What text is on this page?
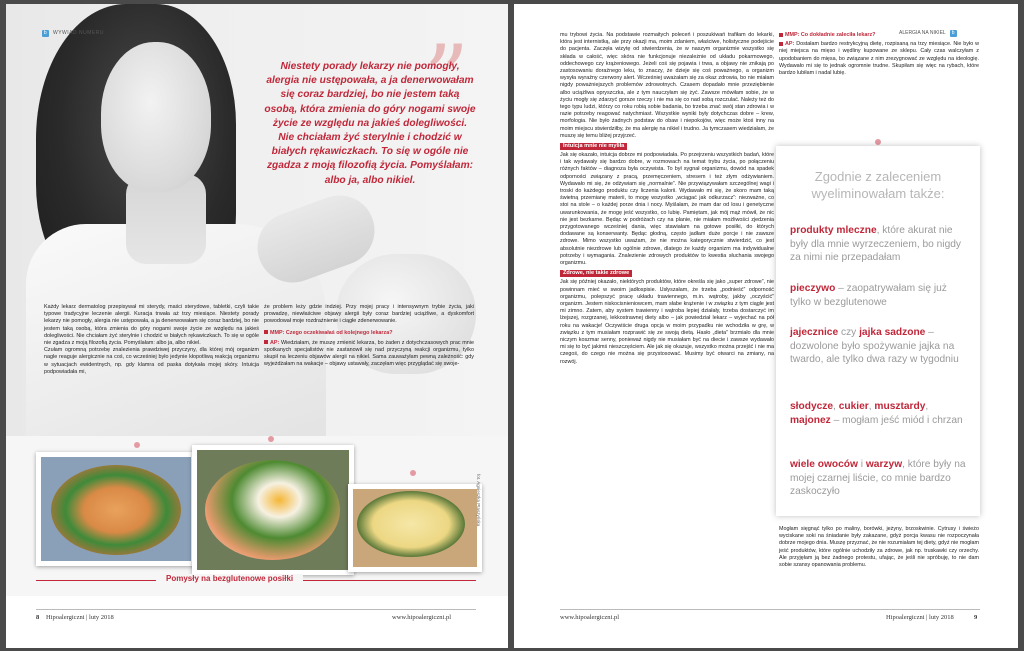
b WYWIAD NUMERU	”
Niestety porady lekarzy nie pomogły, alergia nie ustępowała, a ja denerwowałam się coraz bardziej, bo nie jestem taką osobą, która zmienia do góry nogami swoje życie ze względu na jakieś dolegliwości. Nie chciałam żyć sterylnie i chodzić w białych rękawiczkach. To się w ogóle nie zgadza z moją filozofią życia. Pomyślałam: albo ja, albo nikiel.

Każdy lekarz dermatolog przepisywał mi sterydy, maści sterydowe, tabletki, czyli takie typowe tradycyjne leczenie alergii. Kuracja trwała aż trzy miesiące. Niestety porady lekarzy nie pomogły, alergia nie ustępowała, a ja denerwowałam się coraz bardziej, bo nie jestem taką osobą, która zmienia do góry nogami swoje życie ze względu na jakieś dolegliwości. Nie chciałam żyć sterylnie i chodzić w białych rękawiczkach. To się w ogóle nie zgadza z moją filozofią życia. Pomyślałam: albo ja, albo nikiel.

Czułam ogromną potrzebę znalezienia prawdziwej przyczyny, dla której mój organizm nagle reaguje alergicznie na coś, co wcześniej było jedynie kłopotliwą reakcją organizmu w sytuacjach ewidentnych, np. gdy klamra od paska dotykała mojej skóry. Intuicja podpowiadała mi,

że problem leży gdzie indziej. Przy mojej pracy i intensywnym trybie życia, jaki prowadzę, niewłaściwe objawy alergii były coraz bardziej uciążliwe, a dyskomfort powodował moje rozdrażnienie i ciągłe zdenerwowanie.

MMP: Czego oczekiwałaś od kolejnego lekarza?

AP: Wiedziałam, że muszę zmienić lekarza, bo żaden z dotychczasowych prac mnie spotkanych specjalistów nie zastanowił się nad przyczyną reakcji organizmu, tylko skupił na leczeniu objawów alergii na nikiel. Sama zauważyłam pewną zależność: gdy wyjeżdżałam na wakacje – objawy ustawały, zaczęłam więc przyglądać się swoje-

fot. Agnieszka Ptaszyńska
Pomysły na bezglutenowe posiłki
8 Hipoalergiczni | luty 2018	www.hipoalergiczni.pl
ALERGIA NA NIKIEL b

mu trybowi życia. Na podstawie rozmaitych poleceń i poszukiwań trafiłam do lekarki, która jest internistką, ale przy okazji ma, moim zdaniem, właściwe, holistyczne podejście do pacjenta. Zaczęła wizytę od stwierdzenia, że w naszym organizmie wszystko się składa w całość, więc skóra nie funkcjonuje niezależnie od układu pokarmowego, oddechowego czy krążeniowego. Jeżeli coś się pojawia i trwa, a objawy nie znikają po zastosowaniu doraźnego leku, to znaczy, że dzieje się coś poważnego, a organizm wysyła wyraźny czerwony alert. Wcześniej uważałam się za okaz zdrowia, bo nie miałam nigdy poważniejszych problemów zdrowotnych. Czasem dopadało mnie przeziębienie albo uciążliwa opryszczka, ale z tym nauczyłam się żyć. Zawsze mówiłam sobie, że w życiu mogły się zdarzyć gorsze rzeczy i nie ma się co nad sobą rozczulać. Należy też do tego typu ludzi, którzy co roku robią sobie badania, bo trzeba znać swój stan zdrowia i w razie potrzeby reagować natychmiast. Wszystkie wyniki były dotychczas dobre – krew, morfologia. Nie było żadnych podstaw do obaw i niepokojów, więc może ktoś inny na moim miejscu stwierdziłby, że ma alergię na nikiel i trudno. Ja tymczasem wiedziałam, że muszę się temu bliżej przyjrzeć.

Intuicja mnie nie myliła

Jak się okazało, intuicja dobrze mi podpowiadała. Po przejrzeniu wszystkich badań, które i tak wydawały się bardzo dobre, w rozmowach na temat trybu życia, po połączeniu różnych faktów – diagnoza była oczywista. To był sygnał organizmu, dowód na spadek odporności związany z pracą, przemęczeniem, stresem i też złym odżywianiem. Wydawało mi się, że odżywiam się „normalnie”. Nie przywiązywałam szczególnej wagi i troski do każdego produktu czy liczenia kalorii. Wydawało mi się, że skoro mam taką świetną przemianę materii, to mogę wszystko „wciągać jak odkurzacz”: niezważne, co stoi na stole – o każdej porze dnia i nocy. Myślałam, że mam dar od losu i genetyczne uwarunkowania, że mogę jeść wszystko, co lubię. Pamiętam, jak mój mąż mówił, że nic nie jest bezkarne. Będąc w podróżach czy na planie, nie miałam możliwości zjedzenia przygotowanego wcześniej dania, więc stawiałam na gotowe posiłki, do których dodawane są konserwanty. Będąc głodną, często jadłam duże porcje i nie zawsze zdrowe. Mimo wszystko uważam, że nie można kategorycznie stwierdzić, co jest absolutnie niezdrowe lub ogólnie zdrowe, dlatego że każdy organizm ma indywidualne potrzeby i wymagania. Znalezienie zdrowych produktów to kwestia słuchania swojego organizmu.

Zdrowe, nie takie zdrowe

Jak się później okazało, niektórych produktów, które określa się jako „super zdrowe”, nie powinnam mieć w swoim jadłospisie. Usłyszałam, że trzeba „podnieść” odporność organizmu, polepszyć pracę układu trawiennego, m.in. wątroby, jakby „oczyścić” organizm. Jestem niskocisnieniowcem, mam słabe krążenie i w związku z tym ciągle jest mi zimno. Zatem, aby system trawienny i wątroba lepiej działały, trzeba dostarczyć im lżejszej, rozgrzanej, lekkostrawnej diety albo – jak powiedział lekarz – wyjechać na pół roku na wakacje! Oczywiście druga opcja w moim przypadku nie wchodziła w grę, w związku z tym musiałam rozprawić się ze swoją dietą. Hasło „dieta” brzmiało dla mnie niczym koszmar senny, ponieważ nigdy nie musiałam być na diecie i zawsze wydawało mi się to być jakimś nieszczęściem. Ale jak się okazuje, wszystko można przejść i nie ma czegoś, do czego nie można się przystosować. Musimy być otwarci na zmiany, na rozwój.

MMP: Co dokładnie zaleciła lekarz?

AP: Dostałam bardzo restrykcyjną dietę, rozpisaną na trzy miesiące. Nie było w niej miejsca na mięso i wędliny kupowane ze sklepu. Cały czas walczyłam z upodobaniem do mięsa, bo związane z nim zrezygnować ze względu na ideologię. Wydawało mi się to jednak ogromnie trudne. Skupiłam się więc na rybach, które bardzo lubiłam i nadal lubię.

Zgodnie z zaleceniem wyeliminowałam także:
produkty mleczne, które akurat nie były dla mnie wyrzeczeniem, bo nigdy za nimi nie przepadałam
pieczywo – zaopatrywałam się już tylko w bezglutenowe
jajecznice czy jajka sadzone – dozwolone było spożywanie jajka na twardo, ale tylko dwa razy w tygodniu
słodycze, cukier, musztardy, majonez – mogłam jeść miód i chrzan
wiele owoców i warzyw, które były na mojej czarnej liście, co mnie bardzo zaskoczyło
Mogłam sięgnąć tylko po maliny, borówki, jeżyny, brzoskwinie. Cytrusy i świeżo wyciskane soki na śniadanie były zakazane, gdyż porcja kwasu nie rozpoczynała dobrze mojego dnia. Muszę przyznać, że nie rozumiałam tej diety, gdyż nie mogłam jeść produktów, które ogólnie uchodziły za zdrowe, jak np. truskawki czy orzechy. Ale przyjęłam ją bez żadnego protestu, ufając, że jeśli nie spróbuję, to nie dam sobie szansy opanowania problemu.
www.hipoalergiczni.pl	Hipoalergiczni | luty 2018	9
